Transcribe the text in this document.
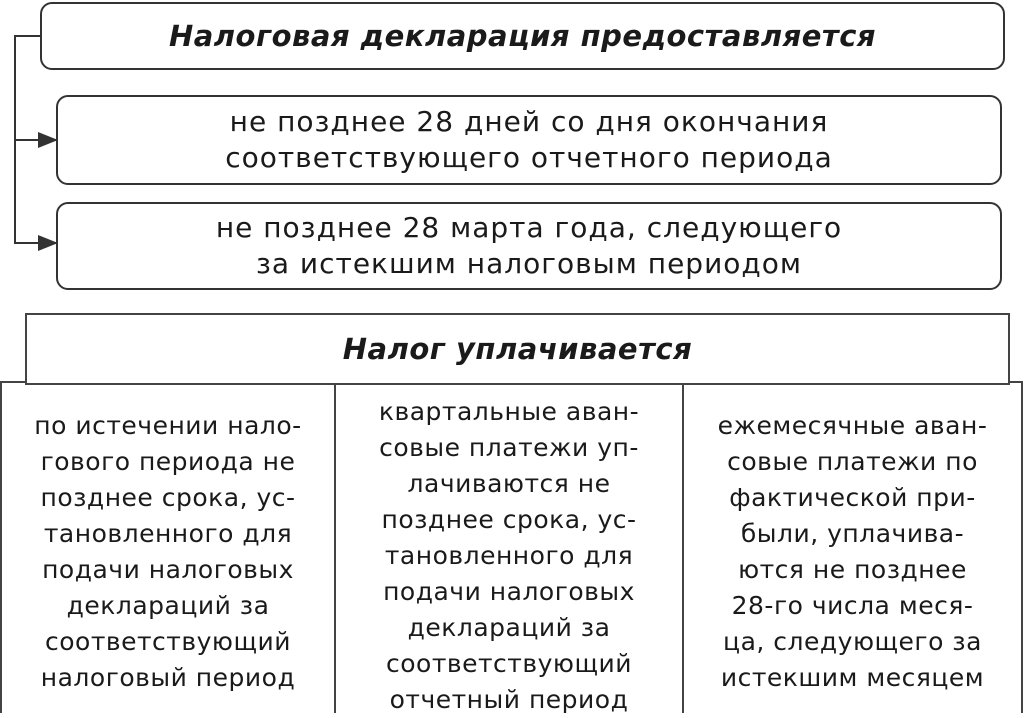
Налоговая декларация предоставляется
не позднее 28 дней со дня окончания
соответствующего отчетного периода
не позднее 28 марта года, следующего
за истекшим налоговым периодом
Налог уплачивается
по истечении нало-
гового периода не
позднее срока, ус-
тановленного для
подачи налоговых
деклараций за
соответствующий
налоговый период
квартальные аван-
совые платежи уп-
лачиваются не
позднее срока, ус-
тановленного для
подачи налоговых
деклараций за
соответствующий
отчетный период
ежемесячные аван-
совые платежи по
фактической при-
были, уплачива-
ются не позднее
28-го числа меся-
ца, следующего за
истекшим месяцем
